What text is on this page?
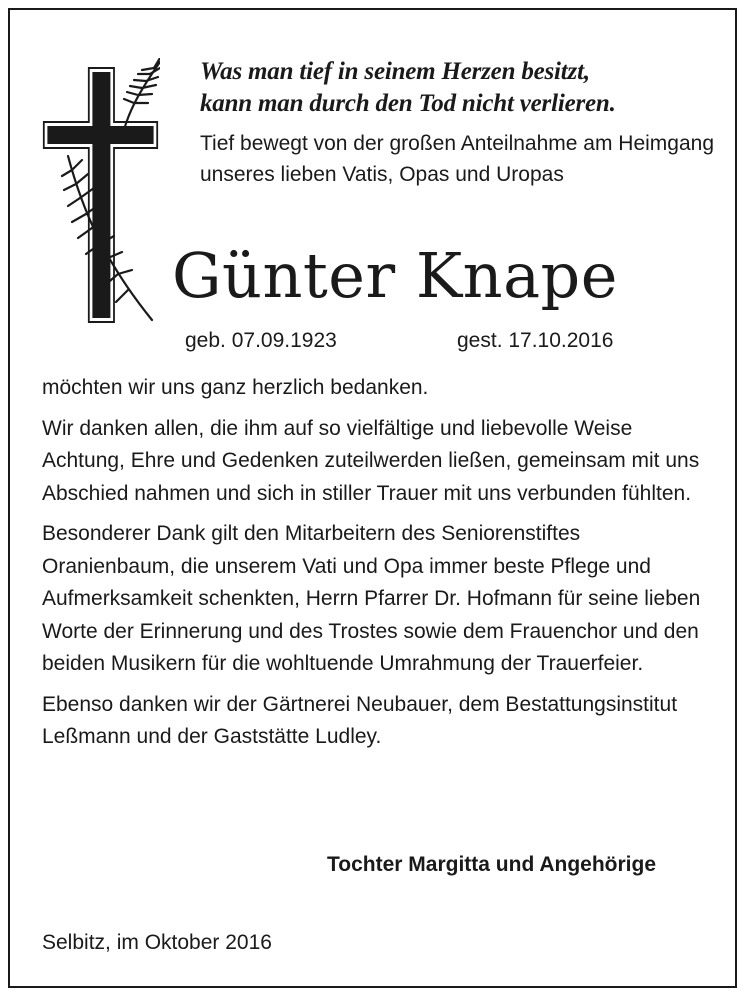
Was man tief in seinem Herzen besitzt,
kann man durch den Tod nicht verlieren.

Tief bewegt von der großen Anteilnahme am Heimgang unseres lieben Vatis, Opas und Uropas

Günter Knape
geb. 07.09.1923	gest. 17.10.2016

möchten wir uns ganz herzlich bedanken.

Wir danken allen, die ihm auf so vielfältige und liebevolle Weise Achtung, Ehre und Gedenken zuteilwerden ließen, gemeinsam mit uns Abschied nahmen und sich in stiller Trauer mit uns verbunden fühlten.

Besonderer Dank gilt den Mitarbeitern des Seniorenstiftes Oranienbaum, die unserem Vati und Opa immer beste Pflege und Aufmerksamkeit schenkten, Herrn Pfarrer Dr. Hofmann für seine lieben Worte der Erinnerung und des Trostes sowie dem Frauenchor und den beiden Musikern für die wohltuende Umrahmung der Trauerfeier.

Ebenso danken wir der Gärtnerei Neubauer, dem Bestattungsinstitut Leßmann und der Gaststätte Ludley.

Tochter Margitta und Angehörige

Selbitz, im Oktober 2016
